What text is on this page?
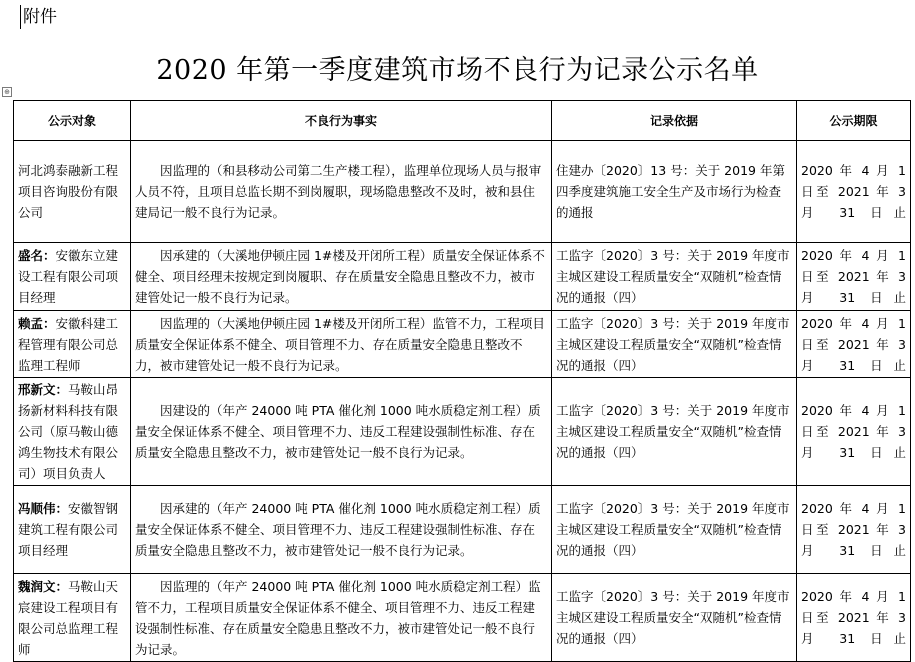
附件
2020 年第一季度建筑市场不良行为记录公示名单
⊕
公示对象	不良行为事实	记录依据	公示期限
河北鸿泰融新工程项目咨询股份有限公司	因监理的（和县移动公司第二生产楼工程），监理单位现场人员与报审人员不符，且项目总监长期不到岗履职，现场隐患整改不及时，被和县住建局记一般不良行为记录。	住建办〔2020〕13 号：关于 2019 年第四季度建筑施工安全生产及市场行为检查的通报	2020 年 4 月 1 日至 2021 年 3 月 31 日止
盛名：安徽东立建设工程有限公司项目经理	因承建的（大溪地伊顿庄园 1#楼及开闭所工程）质量安全保证体系不健全、项目经理未按规定到岗履职、存在质量安全隐患且整改不力，被市建管处记一般不良行为记录。	工监字〔2020〕3 号：关于 2019 年度市主城区建设工程质量安全“双随机”检查情况的通报（四）	2020 年 4 月 1 日至 2021 年 3 月 31 日止
赖孟：安徽科建工程管理有限公司总监理工程师	因监理的（大溪地伊顿庄园 1#楼及开闭所工程）监管不力，工程项目质量安全保证体系不健全、项目管理不力、存在质量安全隐患且整改不力，被市建管处记一般不良行为记录。	工监字〔2020〕3 号：关于 2019 年度市主城区建设工程质量安全“双随机”检查情况的通报（四）	2020 年 4 月 1 日至 2021 年 3 月 31 日止
邢新文：马鞍山昂扬新材料科技有限公司（原马鞍山德鸿生物技术有限公司）项目负责人	因建设的（年产 24000 吨 PTA 催化剂 1000 吨水质稳定剂工程）质量安全保证体系不健全、项目管理不力、违反工程建设强制性标准、存在质量安全隐患且整改不力，被市建管处记一般不良行为记录。	工监字〔2020〕3 号：关于 2019 年度市主城区建设工程质量安全“双随机”检查情况的通报（四）	2020 年 4 月 1 日至 2021 年 3 月 31 日止
冯顺伟：安徽智钢建筑工程有限公司项目经理	因承建的（年产 24000 吨 PTA 催化剂 1000 吨水质稳定剂工程）质量安全保证体系不健全、项目管理不力、违反工程建设强制性标准、存在质量安全隐患且整改不力，被市建管处记一般不良行为记录。	工监字〔2020〕3 号：关于 2019 年度市主城区建设工程质量安全“双随机”检查情况的通报（四）	2020 年 4 月 1 日至 2021 年 3 月 31 日止
魏润文：马鞍山天宸建设工程项目有限公司总监理工程师	因监理的（年产 24000 吨 PTA 催化剂 1000 吨水质稳定剂工程）监管不力，工程项目质量安全保证体系不健全、项目管理不力、违反工程建设强制性标准、存在质量安全隐患且整改不力，被市建管处记一般不良行为记录。	工监字〔2020〕3 号：关于 2019 年度市主城区建设工程质量安全“双随机”检查情况的通报（四）	2020 年 4 月 1 日至 2021 年 3 月 31 日止
